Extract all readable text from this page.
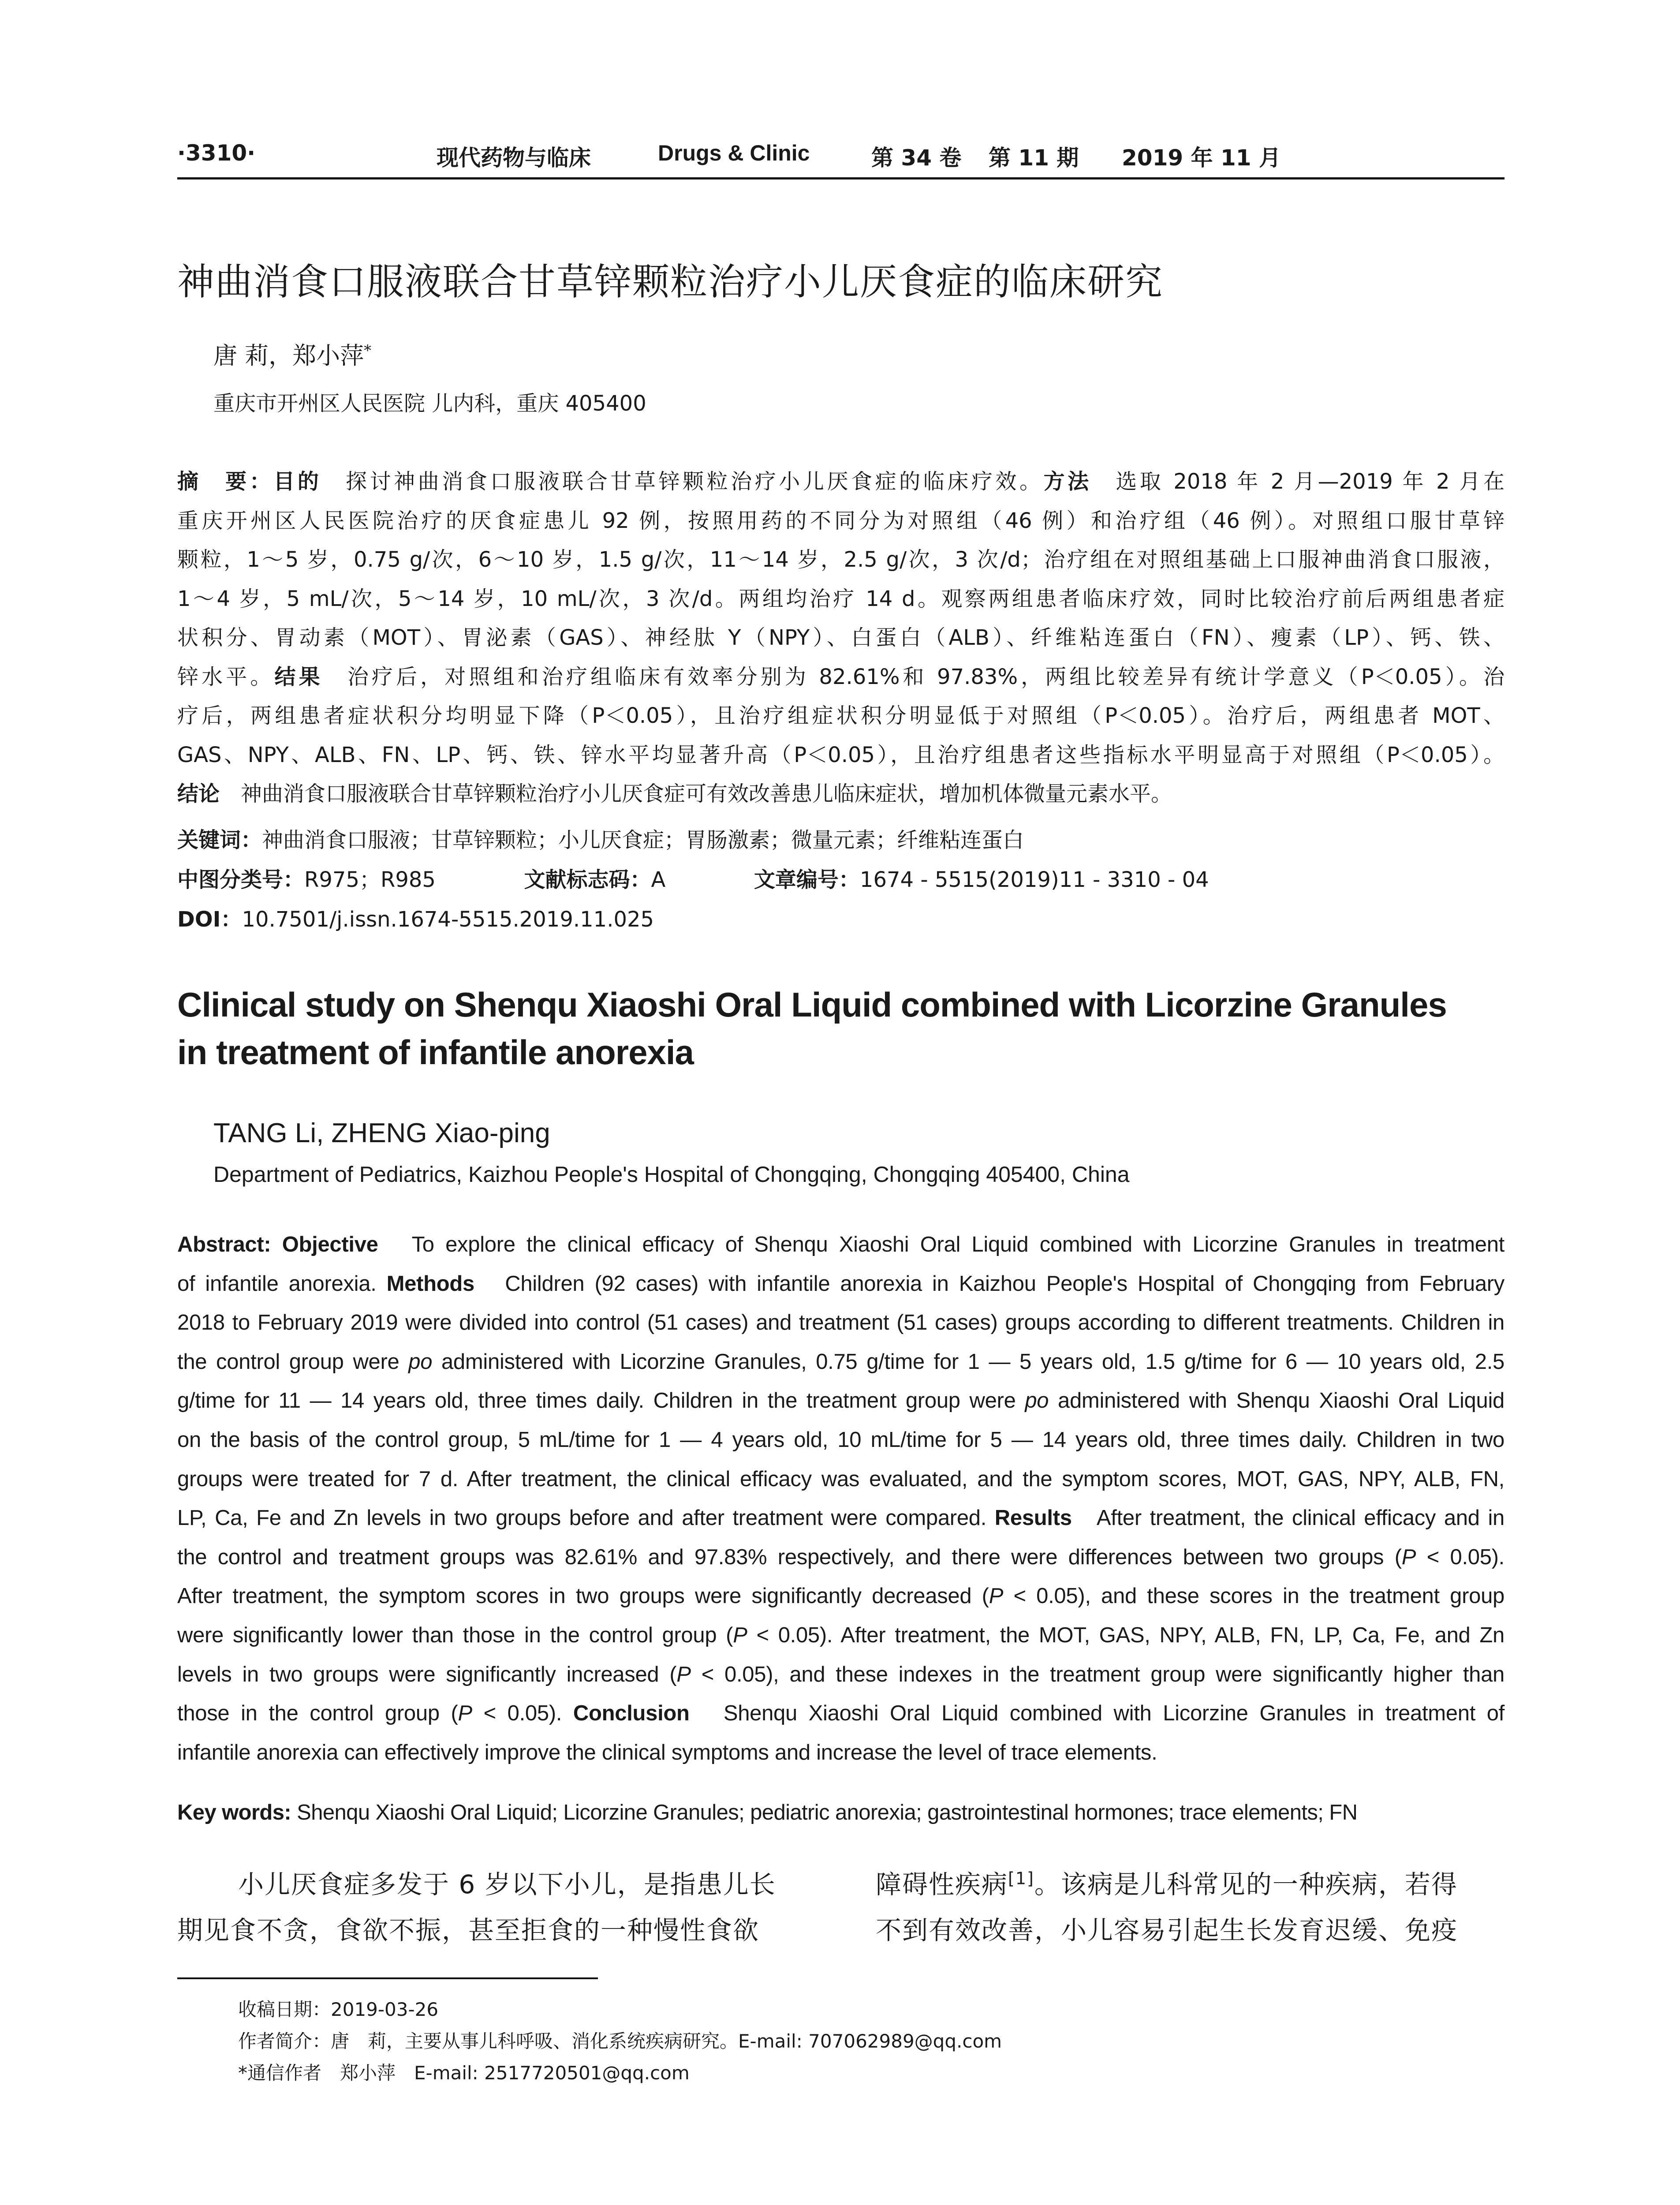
·3310·	现代药物与临床	Drugs & Clinic	第 34 卷 第 11 期 2019 年 11 月
神曲消食口服液联合甘草锌颗粒治疗小儿厌食症的临床研究
唐 莉，郑小萍*
重庆市开州区人民医院 儿内科，重庆 405400
摘　要：目的　探讨神曲消食口服液联合甘草锌颗粒治疗小儿厌食症的临床疗效。方法　选取 2018 年 2 月—2019 年 2 月在
重庆开州区人民医院治疗的厌食症患儿 92 例，按照用药的不同分为对照组（46 例）和治疗组（46 例）。对照组口服甘草锌
颗粒，1～5 岁，0.75 g/次，6～10 岁，1.5 g/次，11～14 岁，2.5 g/次，3 次/d；治疗组在对照组基础上口服神曲消食口服液，
1～4 岁，5 mL/次，5～14 岁，10 mL/次，3 次/d。两组均治疗 14 d。观察两组患者临床疗效，同时比较治疗前后两组患者症
状积分、胃动素（MOT）、胃泌素（GAS）、神经肽 Y（NPY）、白蛋白（ALB）、纤维粘连蛋白（FN）、瘦素（LP）、钙、铁、
锌水平。结果　治疗后，对照组和治疗组临床有效率分别为 82.61%和 97.83%，两组比较差异有统计学意义（P＜0.05）。治
疗后，两组患者症状积分均明显下降（P＜0.05），且治疗组症状积分明显低于对照组（P＜0.05）。治疗后，两组患者 MOT、
GAS、NPY、ALB、FN、LP、钙、铁、锌水平均显著升高（P＜0.05），且治疗组患者这些指标水平明显高于对照组（P＜0.05）。
结论　神曲消食口服液联合甘草锌颗粒治疗小儿厌食症可有效改善患儿临床症状，增加机体微量元素水平。
关键词：神曲消食口服液；甘草锌颗粒；小儿厌食症；胃肠激素；微量元素；纤维粘连蛋白
中图分类号：R975；R985	文献标志码：A	文章编号：1674 - 5515(2019)11 - 3310 - 04
DOI：10.7501/j.issn.1674-5515.2019.11.025
Clinical study on Shenqu Xiaoshi Oral Liquid combined with Licorzine Granules
in treatment of infantile anorexia
TANG Li, ZHENG Xiao-ping
Department of Pediatrics, Kaizhou People's Hospital of Chongqing, Chongqing 405400, China
Abstract: Objective   To explore the clinical efficacy of Shenqu Xiaoshi Oral Liquid combined with Licorzine Granules in treatment
of infantile anorexia. Methods   Children (92 cases) with infantile anorexia in Kaizhou People's Hospital of Chongqing from February
2018 to February 2019 were divided into control (51 cases) and treatment (51 cases) groups according to different treatments. Children in
the control group were po administered with Licorzine Granules, 0.75 g/time for 1 — 5 years old, 1.5 g/time for 6 — 10 years old, 2.5
g/time for 11 — 14 years old, three times daily. Children in the treatment group were po administered with Shenqu Xiaoshi Oral Liquid
on the basis of the control group, 5 mL/time for 1 — 4 years old, 10 mL/time for 5 — 14 years old, three times daily. Children in two
groups were treated for 7 d. After treatment, the clinical efficacy was evaluated, and the symptom scores, MOT, GAS, NPY, ALB, FN,
LP, Ca, Fe and Zn levels in two groups before and after treatment were compared. Results   After treatment, the clinical efficacy and in
the control and treatment groups was 82.61% and 97.83% respectively, and there were differences between two groups (P < 0.05).
After treatment, the symptom scores in two groups were significantly decreased (P < 0.05), and these scores in the treatment group
were significantly lower than those in the control group (P < 0.05). After treatment, the MOT, GAS, NPY, ALB, FN, LP, Ca, Fe, and Zn
levels in two groups were significantly increased (P < 0.05), and these indexes in the treatment group were significantly higher than
those in the control group (P < 0.05). Conclusion   Shenqu Xiaoshi Oral Liquid combined with Licorzine Granules in treatment of
infantile anorexia can effectively improve the clinical symptoms and increase the level of trace elements.
Key words: Shenqu Xiaoshi Oral Liquid; Licorzine Granules; pediatric anorexia; gastrointestinal hormones; trace elements; FN
小儿厌食症多发于 6 岁以下小儿，是指患儿长
期见食不贪，食欲不振，甚至拒食的一种慢性食欲
障碍性疾病[1]。该病是儿科常见的一种疾病，若得
不到有效改善，小儿容易引起生长发育迟缓、免疫
收稿日期：2019-03-26
作者简介：唐　莉，主要从事儿科呼吸、消化系统疾病研究。E-mail: 707062989@qq.com
*通信作者　郑小萍　E-mail: 2517720501@qq.com
